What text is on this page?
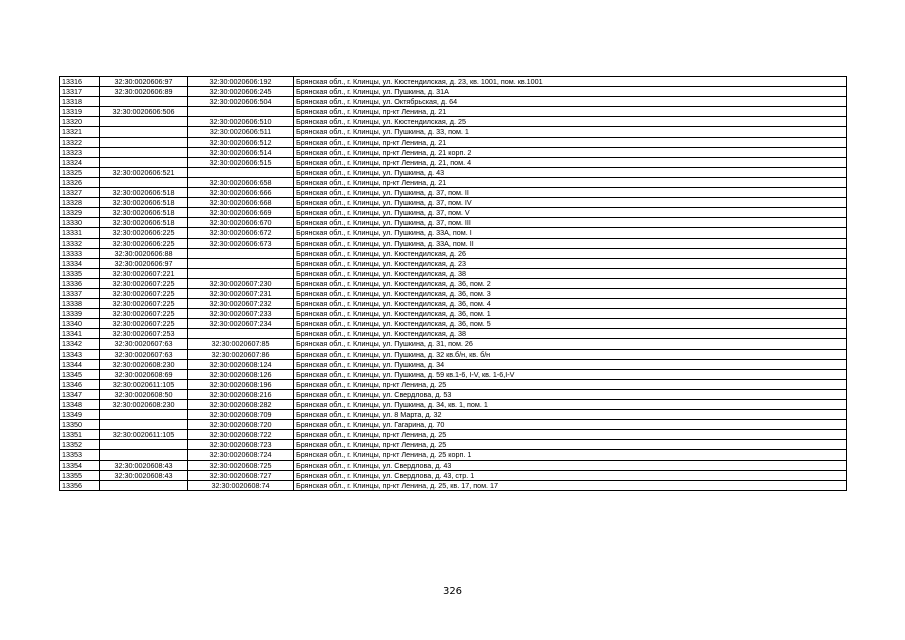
13316	32:30:0020606:97	32:30:0020606:192	Брянская обл., г. Клинцы, ул. Кюстендилская, д. 23, кв. 1001, пом. кв.1001
13317	32:30:0020606:89	32:30:0020606:245	Брянская обл., г. Клинцы, ул. Пушкина, д. 31А
13318		32:30:0020606:504	Брянская обл., г. Клинцы, ул. Октябрьская, д. 64
13319	32:30:0020606:506		Брянская обл., г. Клинцы, пр-кт Ленина, д. 21
13320		32:30:0020606:510	Брянская обл., г. Клинцы, ул. Кюстендилская, д. 25
13321		32:30:0020606:511	Брянская обл., г. Клинцы, ул. Пушкина, д. 33, пом. 1
13322		32:30:0020606:512	Брянская обл., г. Клинцы, пр-кт Ленина, д. 21
13323		32:30:0020606:514	Брянская обл., г. Клинцы, пр-кт Ленина, д. 21 корп. 2
13324		32:30:0020606:515	Брянская обл., г. Клинцы, пр-кт Ленина, д. 21, пом. 4
13325	32:30:0020606:521		Брянская обл., г. Клинцы, ул. Пушкина, д. 43
13326		32:30:0020606:658	Брянская обл., г. Клинцы, пр-кт Ленина, д. 21
13327	32:30:0020606:518	32:30:0020606:666	Брянская обл., г. Клинцы, ул. Пушкина, д. 37, пом. II
13328	32:30:0020606:518	32:30:0020606:668	Брянская обл., г. Клинцы, ул. Пушкина, д. 37, пом. IV
13329	32:30:0020606:518	32:30:0020606:669	Брянская обл., г. Клинцы, ул. Пушкина, д. 37, пом. V
13330	32:30:0020606:518	32:30:0020606:670	Брянская обл., г. Клинцы, ул. Пушкина, д. 37, пом. III
13331	32:30:0020606:225	32:30:0020606:672	Брянская обл., г. Клинцы, ул. Пушкина, д. 33А, пом. I
13332	32:30:0020606:225	32:30:0020606:673	Брянская обл., г. Клинцы, ул. Пушкина, д. 33А, пом. II
13333	32:30:0020606:88		Брянская обл., г. Клинцы, ул. Кюстендилская, д. 26
13334	32:30:0020606:97		Брянская обл., г. Клинцы, ул. Кюстендилская, д. 23
13335	32:30:0020607:221		Брянская обл., г. Клинцы, ул. Кюстендилская, д. 38
13336	32:30:0020607:225	32:30:0020607:230	Брянская обл., г. Клинцы, ул. Кюстендилская, д. 36, пом. 2
13337	32:30:0020607:225	32:30:0020607:231	Брянская обл., г. Клинцы, ул. Кюстендилская, д. 36, пом. 3
13338	32:30:0020607:225	32:30:0020607:232	Брянская обл., г. Клинцы, ул. Кюстендилская, д. 36, пом. 4
13339	32:30:0020607:225	32:30:0020607:233	Брянская обл., г. Клинцы, ул. Кюстендилская, д. 36, пом. 1
13340	32:30:0020607:225	32:30:0020607:234	Брянская обл., г. Клинцы, ул. Кюстендилская, д. 36, пом. 5
13341	32:30:0020607:253		Брянская обл., г. Клинцы, ул. Кюстендилская, д. 38
13342	32:30:0020607:63	32:30:0020607:85	Брянская обл., г. Клинцы, ул. Пушкина, д. 31, пом. 26
13343	32:30:0020607:63	32:30:0020607:86	Брянская обл., г. Клинцы, ул. Пушкина, д. 32 кв.б/н, кв. б/н
13344	32:30:0020608:230	32:30:0020608:124	Брянская обл., г. Клинцы, ул. Пушкина, д. 34
13345	32:30:0020608:69	32:30:0020608:126	Брянская обл., г. Клинцы, ул. Пушкина, д. 59 кв.1-6, I-V, кв. 1-6,I-V
13346	32:30:0020611:105	32:30:0020608:196	Брянская обл., г. Клинцы, пр-кт Ленина, д. 25
13347	32:30:0020608:50	32:30:0020608:216	Брянская обл., г. Клинцы, ул. Свердлова, д. 53
13348	32:30:0020608:230	32:30:0020608:282	Брянская обл., г. Клинцы, ул. Пушкина, д. 34, кв. 1, пом. 1
13349		32:30:0020608:709	Брянская обл., г. Клинцы, ул. 8 Марта, д. 32
13350		32:30:0020608:720	Брянская обл., г. Клинцы, ул. Гагарина, д. 70
13351	32:30:0020611:105	32:30:0020608:722	Брянская обл., г. Клинцы, пр-кт Ленина, д. 25
13352		32:30:0020608:723	Брянская обл., г. Клинцы, пр-кт Ленина, д. 25
13353		32:30:0020608:724	Брянская обл., г. Клинцы, пр-кт Ленина, д. 25 корп. 1
13354	32:30:0020608:43	32:30:0020608:725	Брянская обл., г. Клинцы, ул. Свердлова, д. 43
13355	32:30:0020608:43	32:30:0020608:727	Брянская обл., г. Клинцы, ул. Свердлова, д. 43, стр. 1
13356		32:30:0020608:74	Брянская обл., г. Клинцы, пр-кт Ленина, д. 25, кв. 17, пом. 17
326
